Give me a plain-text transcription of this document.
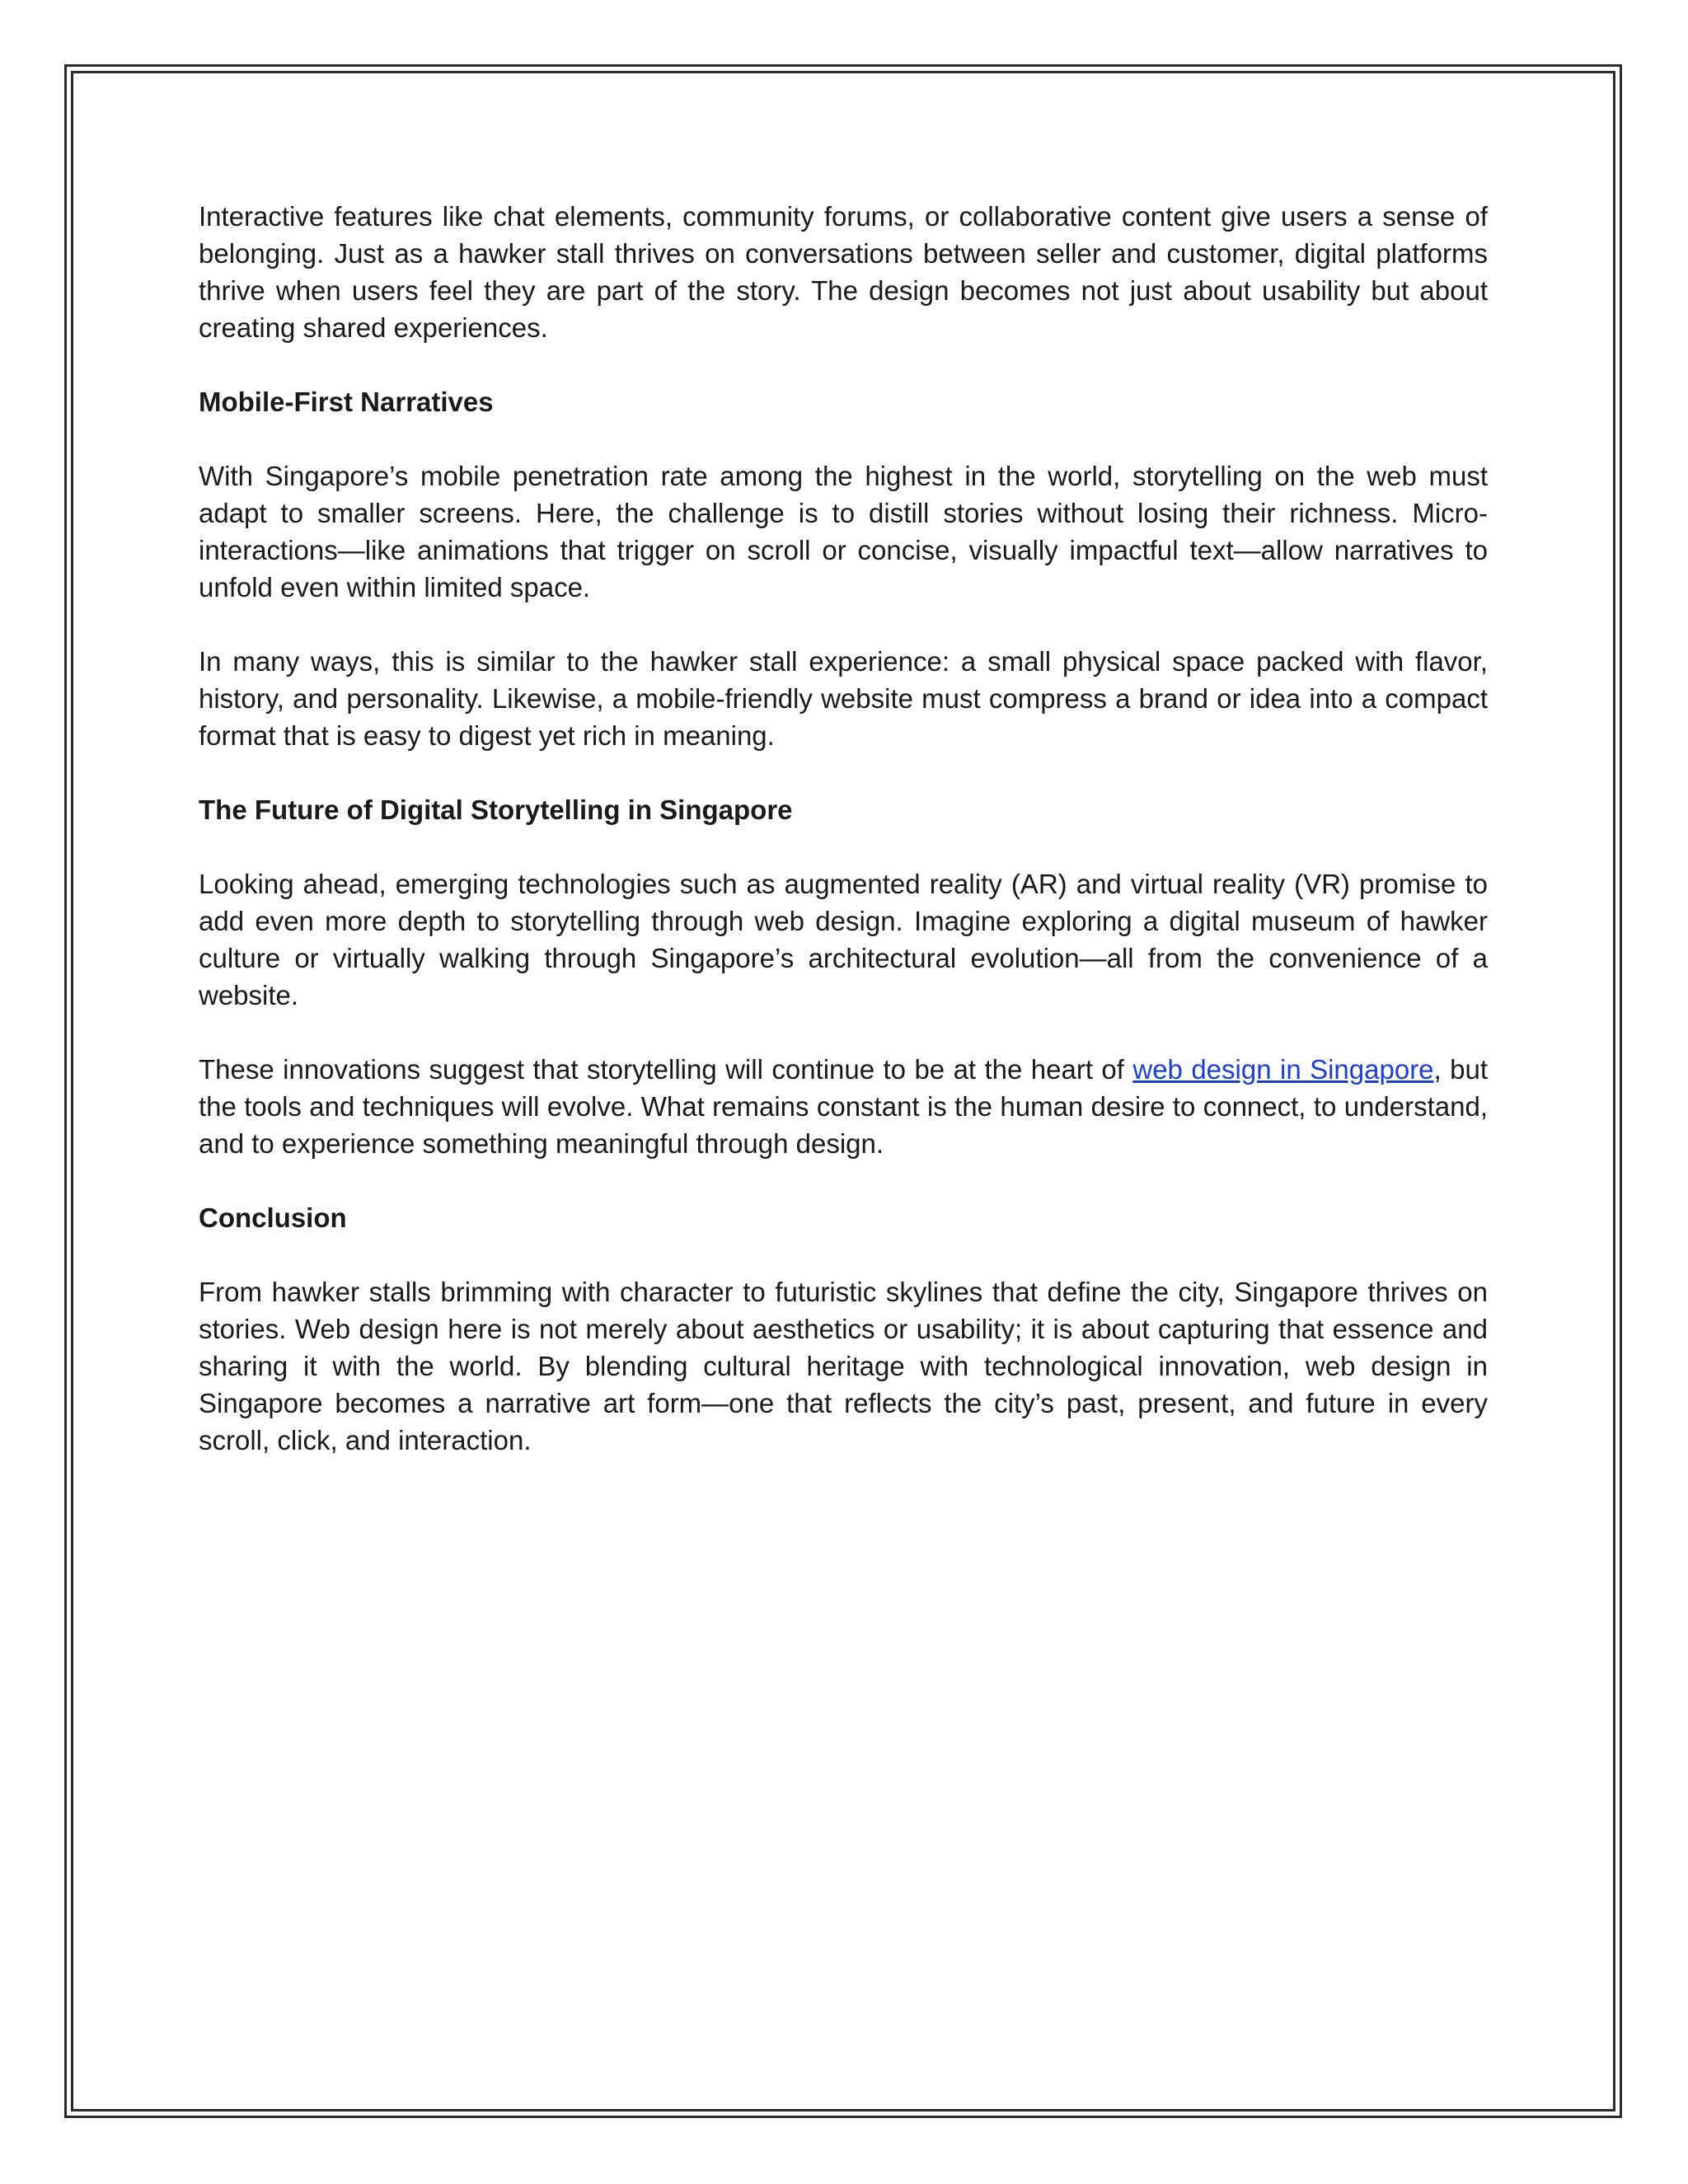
Interactive features like chat elements, community forums, or collaborative content give users a sense of belonging. Just as a hawker stall thrives on conversations between seller and customer, digital platforms thrive when users feel they are part of the story. The design becomes not just about usability but about creating shared experiences.

Mobile-First Narratives

With Singapore’s mobile penetration rate among the highest in the world, storytelling on the web must adapt to smaller screens. Here, the challenge is to distill stories without losing their richness. Micro-interactions—like animations that trigger on scroll or concise, visually impactful text—allow narratives to unfold even within limited space.

In many ways, this is similar to the hawker stall experience: a small physical space packed with flavor, history, and personality. Likewise, a mobile-friendly website must compress a brand or idea into a compact format that is easy to digest yet rich in meaning.

The Future of Digital Storytelling in Singapore

Looking ahead, emerging technologies such as augmented reality (AR) and virtual reality (VR) promise to add even more depth to storytelling through web design. Imagine exploring a digital museum of hawker culture or virtually walking through Singapore’s architectural evolution—all from the convenience of a website.

These innovations suggest that storytelling will continue to be at the heart of web design in Singapore, but the tools and techniques will evolve. What remains constant is the human desire to connect, to understand, and to experience something meaningful through design.

Conclusion

From hawker stalls brimming with character to futuristic skylines that define the city, Singapore thrives on stories. Web design here is not merely about aesthetics or usability; it is about capturing that essence and sharing it with the world. By blending cultural heritage with technological innovation, web design in Singapore becomes a narrative art form—one that reflects the city’s past, present, and future in every scroll, click, and interaction.
